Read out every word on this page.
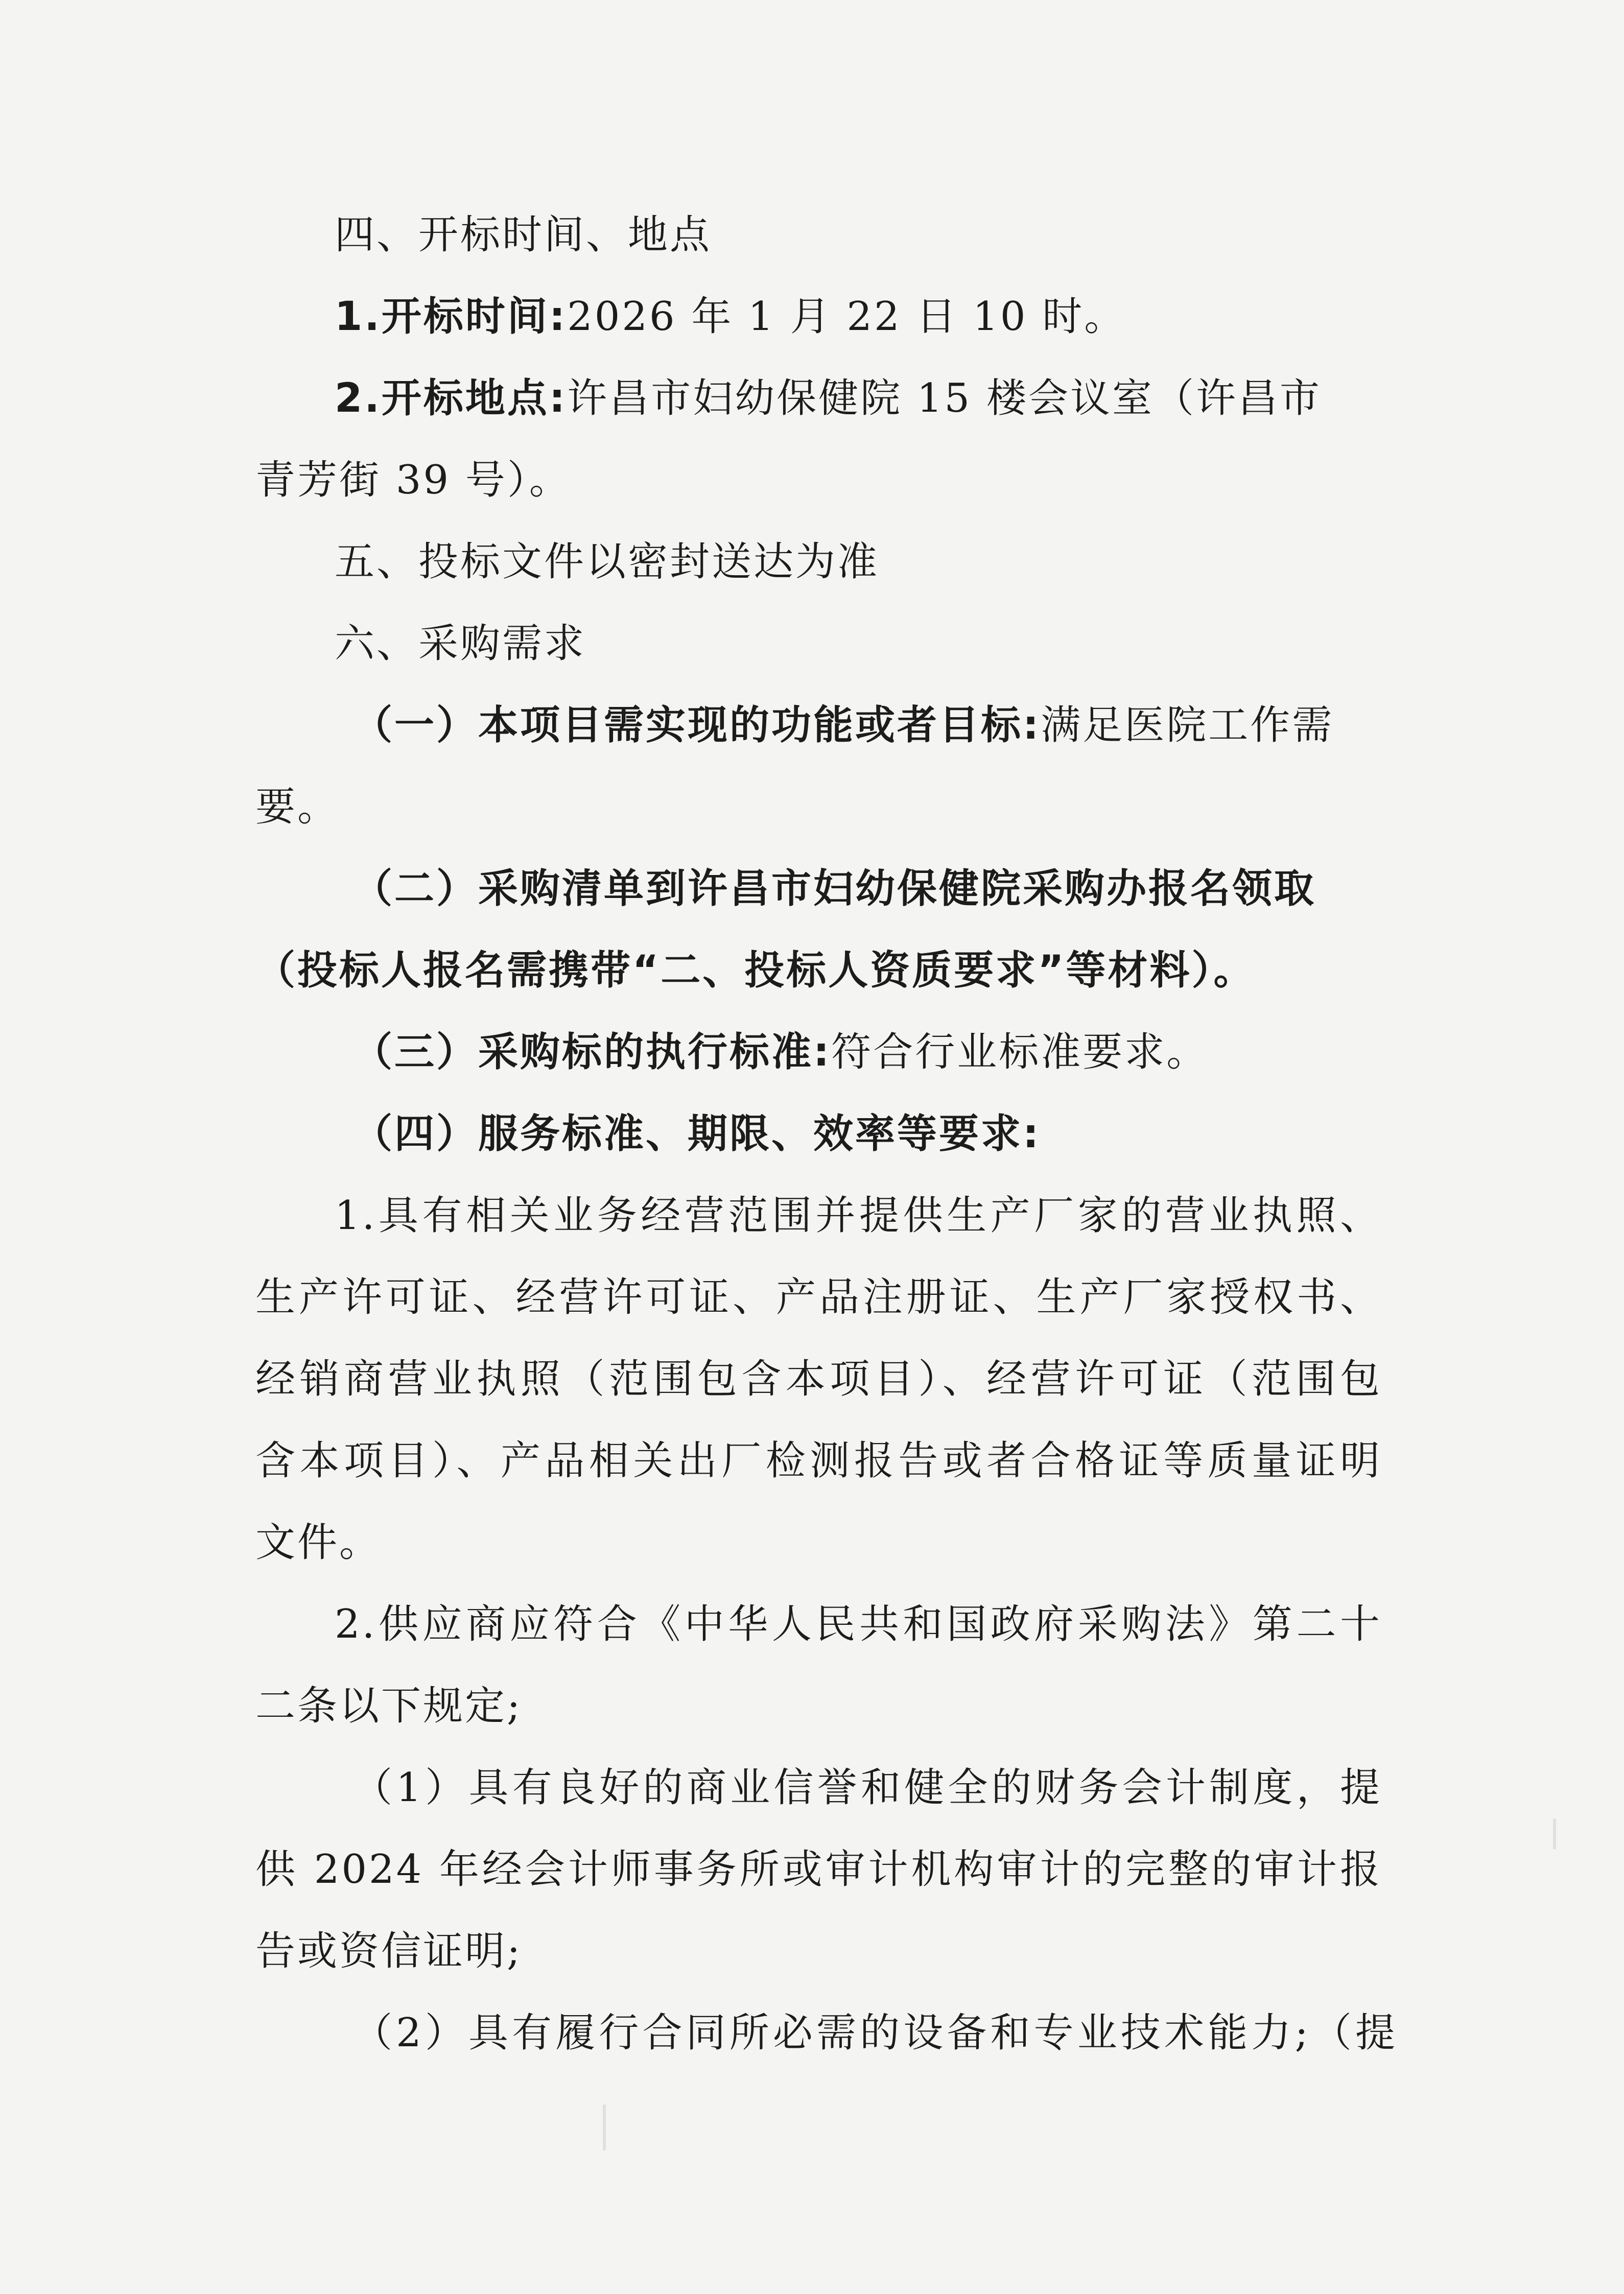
四、开标时间、地点
1.开标时间:2026 年 1 月 22 日 10 时。
2.开标地点:许昌市妇幼保健院 15 楼会议室（许昌市
青芳街 39 号）。
五、投标文件以密封送达为准
六、采购需求
（一）本项目需实现的功能或者目标:满足医院工作需
要。
（二）采购清单到许昌市妇幼保健院采购办报名领取
（投标人报名需携带“二、投标人资质要求”等材料）。
（三）采购标的执行标准:符合行业标准要求。
（四）服务标准、期限、效率等要求:
1.具有相关业务经营范围并提供生产厂家的营业执照、
生产许可证、经营许可证、产品注册证、生产厂家授权书、
经销商营业执照（范围包含本项目）、经营许可证（范围包
含本项目）、产品相关出厂检测报告或者合格证等质量证明
文件。
2.供应商应符合《中华人民共和国政府采购法》第二十
二条以下规定;
（1）具有良好的商业信誉和健全的财务会计制度，提
供 2024 年经会计师事务所或审计机构审计的完整的审计报
告或资信证明;
（2）具有履行合同所必需的设备和专业技术能力;（提
